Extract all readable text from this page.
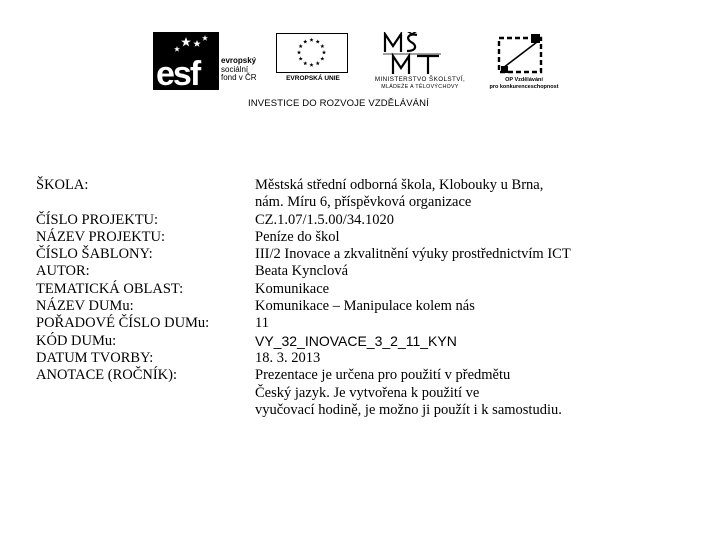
esf	evropský
sociální
fond v ČR	EVROPSKÁ UNIE	MINISTERSTVO ŠKOLSTVÍ,
MLÁDEŽE A TĚLOVÝCHOVY
OP Vzdělávání
pro konkurenceschopnost
INVESTICE DO ROZVOJE VZDĚLÁVÁNÍ
ŠKOLA:	Městská střední odborná škola, Klobouky u Brna,
nám. Míru 6, příspěvková organizace
ČÍSLO PROJEKTU:	CZ.1.07/1.5.00/34.1020
NÁZEV PROJEKTU:	Peníze do škol
ČÍSLO ŠABLONY:	III/2 Inovace a zkvalitnění výuky prostřednictvím ICT
AUTOR:	Beata Kynclová
TEMATICKÁ OBLAST:	Komunikace
NÁZEV DUMu:	Komunikace – Manipulace kolem nás
POŘADOVÉ ČÍSLO DUMu:	11
KÓD DUMu:	VY_32_INOVACE_3_2_11_KYN
DATUM TVORBY:	18. 3. 2013
ANOTACE (ROČNÍK):	Prezentace je určena pro použití v předmětu
Český jazyk. Je vytvořena k použití ve
vyučovací hodině, je možno ji použít i k samostudiu.
